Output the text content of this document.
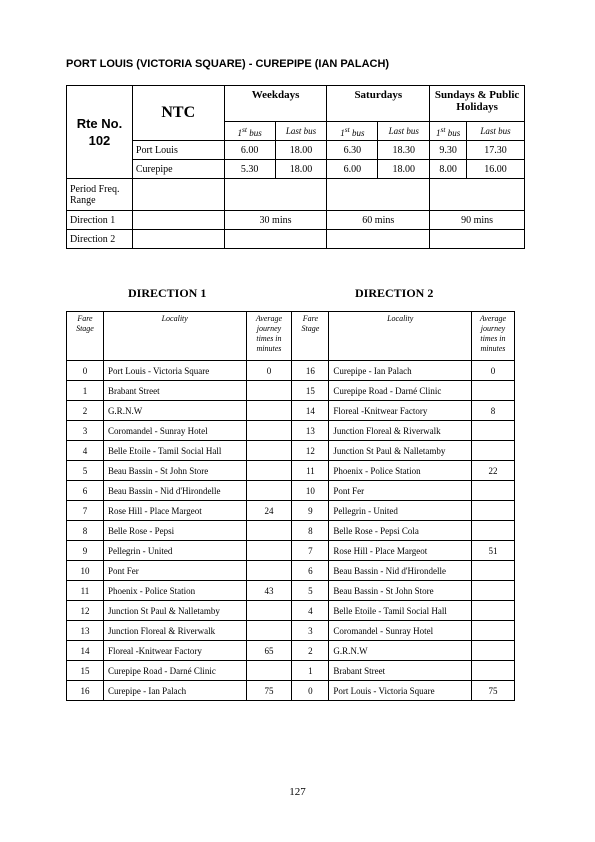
PORT LOUIS (VICTORIA SQUARE) - CUREPIPE (IAN PALACH)
Rte No.
102	NTC	Weekdays		Saturdays		Sundays & Public Holidays	
		1st bus	Last bus	1st bus	Last bus	1st bus	Last bus
	Port Louis	6.00	18.00	6.30	18.30	9.30	17.30
	Curepipe	5.30	18.00	6.00	18.00	8.00	16.00
Period Freq. Range							
Direction 1		30 mins		60 mins		90 mins	
Direction 2							
DIRECTION 1	DIRECTION 2
Fare Stage	Locality	Average journey times in minutes	Fare Stage	Locality	Average journey times in minutes
0	Port Louis - Victoria Square	0	16	Curepipe - Ian Palach	0
1	Brabant Street		15	Curepipe Road - Darné Clinic	
2	G.R.N.W		14	Floreal -Knitwear Factory	8
3	Coromandel - Sunray Hotel		13	Junction Floreal & Riverwalk	
4	Belle Etoile - Tamil Social Hall		12	Junction St Paul & Nalletamby	
5	Beau Bassin - St John Store		11	Phoenix - Police Station	22
6	Beau Bassin - Nid d'Hirondelle		10	Pont Fer	
7	Rose Hill - Place Margeot	24	9	Pellegrin - United	
8	Belle Rose - Pepsi		8	Belle Rose - Pepsi Cola	
9	Pellegrin - United		7	Rose Hill - Place Margeot	51
10	Pont Fer		6	Beau Bassin - Nid d'Hirondelle	
11	Phoenix - Police Station	43	5	Beau Bassin - St John Store	
12	Junction St Paul & Nalletamby		4	Belle Etoile - Tamil Social Hall	
13	Junction Floreal & Riverwalk		3	Coromandel - Sunray Hotel	
14	Floreal -Knitwear Factory	65	2	G.R.N.W	
15	Curepipe Road - Darné Clinic		1	Brabant Street	
16	Curepipe - Ian Palach	75	0	Port Louis - Victoria Square	75
127
